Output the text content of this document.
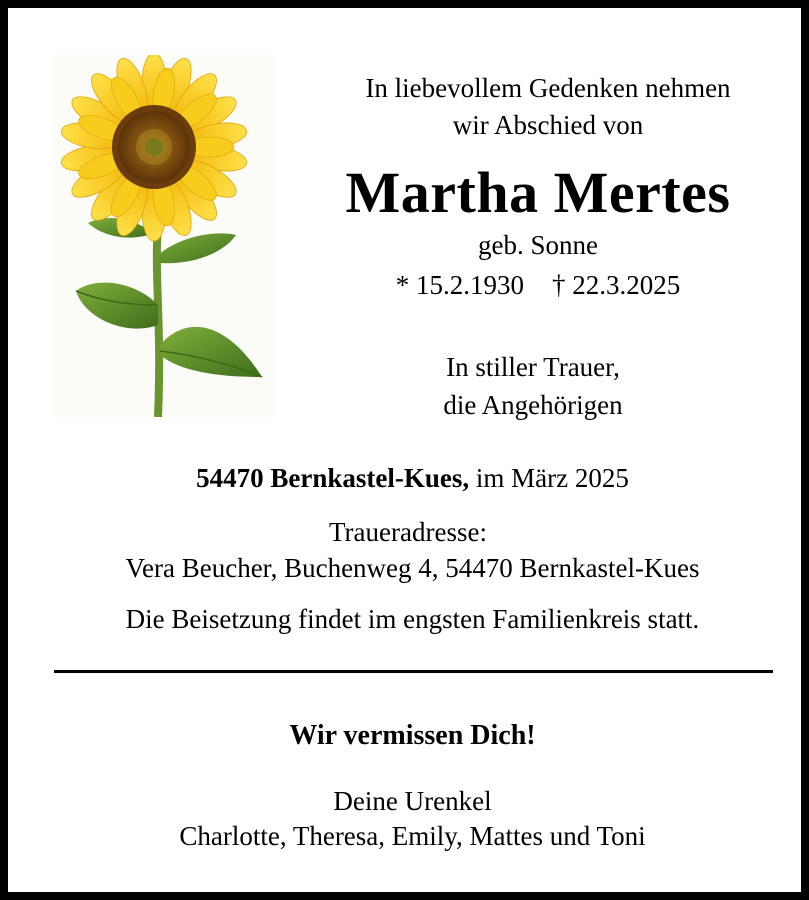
In liebevollem Gedenken nehmen
wir Abschied von
Martha Mertes
geb. Sonne
* 15.2.1930 † 22.3.2025
In stiller Trauer,
die Angehörigen
54470 Bernkastel-Kues, im März 2025
Traueradresse:
Vera Beucher, Buchenweg 4, 54470 Bernkastel-Kues
Die Beisetzung findet im engsten Familienkreis statt.
Wir vermissen Dich!
Deine Urenkel
Charlotte, Theresa, Emily, Mattes und Toni
